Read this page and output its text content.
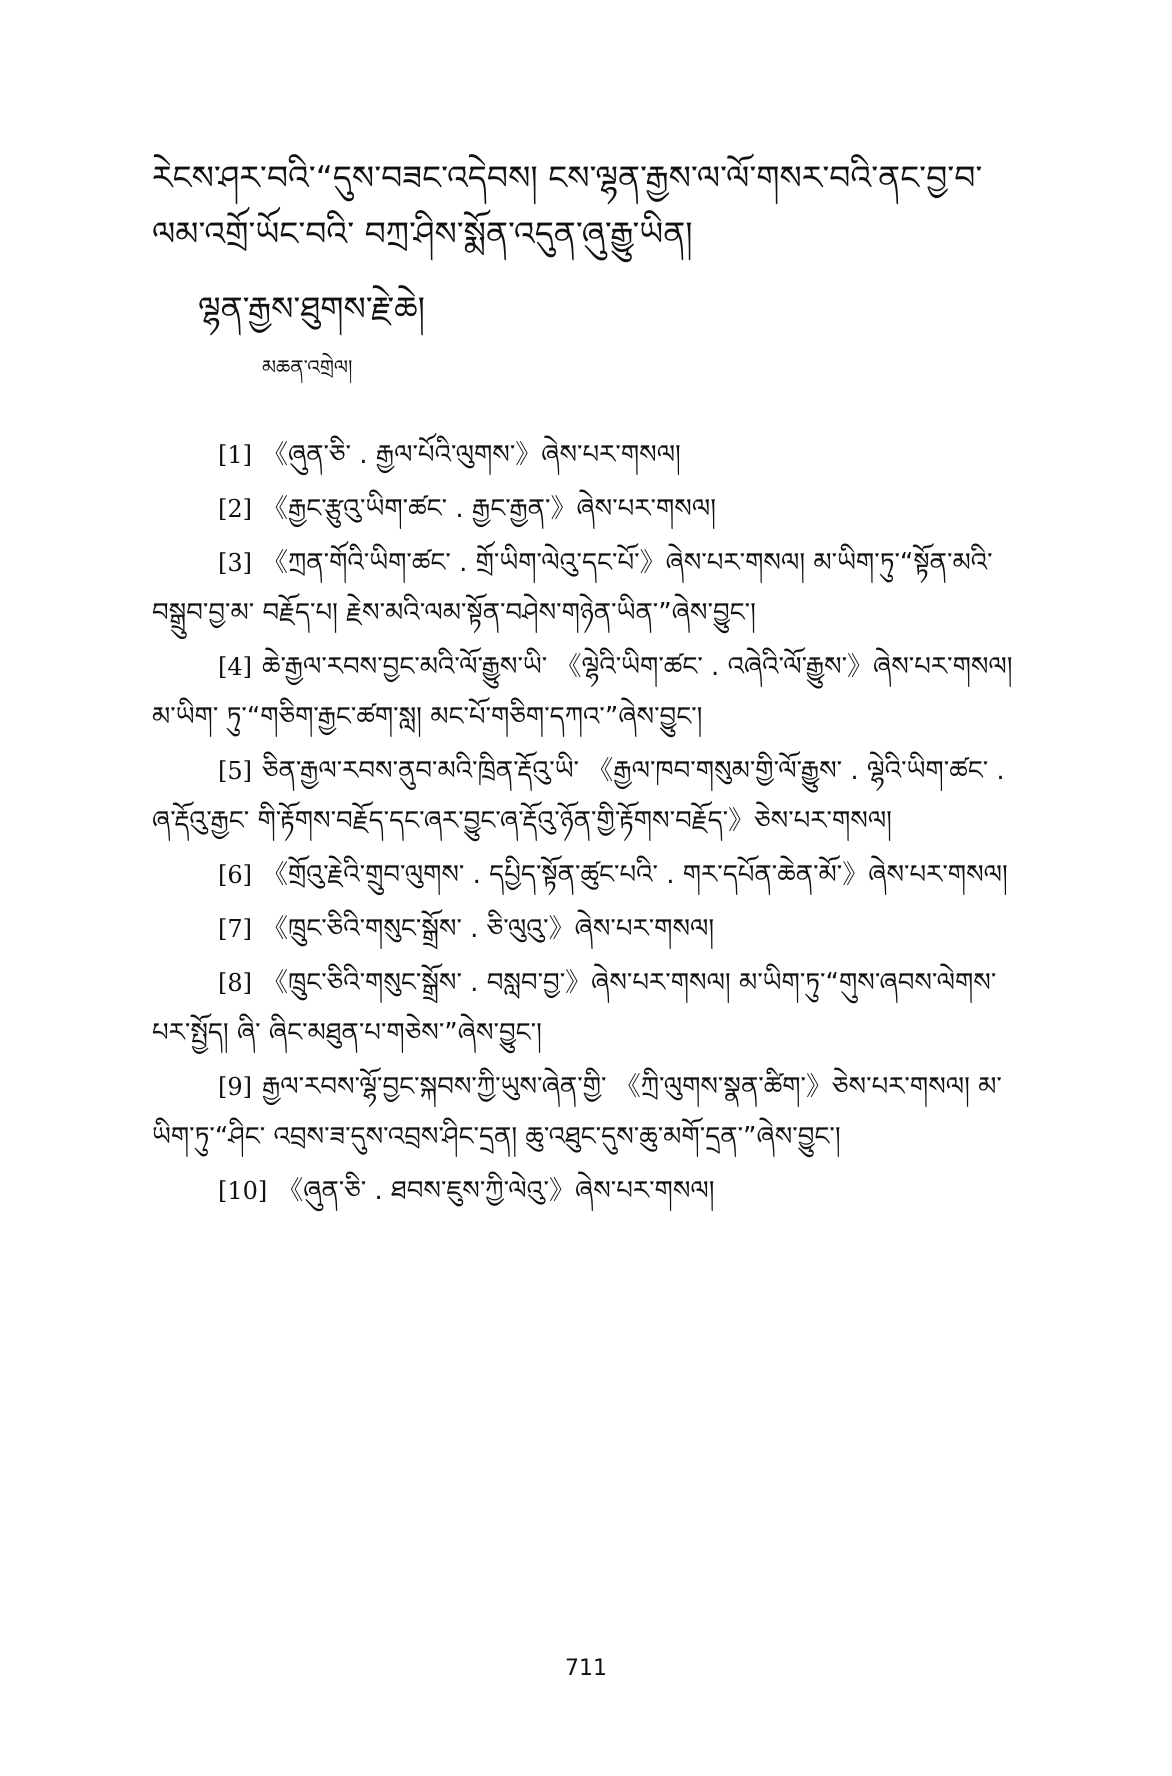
རེངས་ཤར་བའི་“དུས་བཟང་འདེབས། ངས་ལྷན་རྒྱས་ལ་ལོ་གསར་བའི་ནང་བྱ་བ་ལམ་འགྲོ་ཡོང་བའི་ བཀྲ་ཤིས་སྨོན་འདུན་ཞུ་རྒྱུ་ཡིན།
ལྷན་རྒྱས་ཐུགས་རྗེ་ཆེ།
མཆན་འགྲེལ།

[1] 《ཞུན་ཅི་ . རྒྱལ་པོའི་ལུགས་》ཞེས་པར་གསལ།

[2] 《རྒྱང་རྩུའུ་ཡིག་ཚང་ . རྒྱང་རྒྱན་》ཞེས་པར་གསལ།

[3] 《ཀྲན་གོའི་ཡིག་ཚང་ . གྲོ་ཡིག་ལེའུ་དང་པོ་》ཞེས་པར་གསལ། མ་ཡིག་ཏུ་“སྟོན་མའི་བསྒྲུབ་བྱ་མ་ བརྗོད་པ། རྗེས་མའི་ལམ་སྟོན་བཤེས་གཉེན་ཡིན་”ཞེས་བྱུང་།

[4] ཆེ་རྒྱལ་རབས་བྱང་མའི་ལོ་རྒྱུས་ཡི་ 《ལྷེའི་ཡིག་ཚང་ . འཞེའི་ལོ་རྒྱུས་》ཞེས་པར་གསལ། མ་ཡིག་ ཏུ་“གཅིག་རྒྱང་ཚག་སླ། མང་པོ་གཅིག་དཀའ་”ཞེས་བྱུང་།

[5] ཅིན་རྒྱལ་རབས་ནུབ་མའི་ཁྲིན་རྡོའུ་ཡི་ 《རྒྱལ་ཁབ་གསུམ་གྱི་ལོ་རྒྱུས་ . ལྷེའི་ཡིག་ཚང་ . ཞ་རྡོའུ་རྒྱང་ གི་རྟོགས་བརྗོད་དང་ཞར་བྱུང་ཞ་རྡོའུ་ཉོན་གྱི་རྟོགས་བརྗོད་》ཅེས་པར་གསལ།

[6] 《གྲོའུ་རྗེའི་གྲུབ་ལུགས་ . དཔྱིད་སྟོན་ཚུང་པའི་ . གར་དཔོན་ཆེན་མོ་》ཞེས་པར་གསལ།

[7] 《ཁྲུང་ཅིའི་གསུང་སྒྲོས་ . ཅི་ལུའུ་》ཞེས་པར་གསལ།

[8] 《ཁྲུང་ཅིའི་གསུང་སྒྲོས་ . བསླབ་བྱ་》ཞེས་པར་གསལ། མ་ཡིག་ཏུ་“གུས་ཞབས་ལེགས་པར་སྤྱོད། ཞི་ ཞིང་མཐུན་པ་གཅེས་”ཞེས་བྱུང་།

[9] རྒྱལ་རབས་ལྷོ་བྱང་སྐབས་ཀྱི་ཡུས་ཞེན་གྱི་ 《ཀྲི་ལུགས་སྣན་ཚིག་》ཅེས་པར་གསལ། མ་ཡིག་ཏུ་“ཤིང་ འབྲས་ཟ་དུས་འབྲས་ཤིང་དྲན། ཆུ་འཐུང་དུས་ཆུ་མགོ་དྲན་”ཞེས་བྱུང་།

[10] 《ཞུན་ཅི་ . ཐབས་ཇུས་ཀྱི་ལེའུ་》ཞེས་པར་གསལ།

711
